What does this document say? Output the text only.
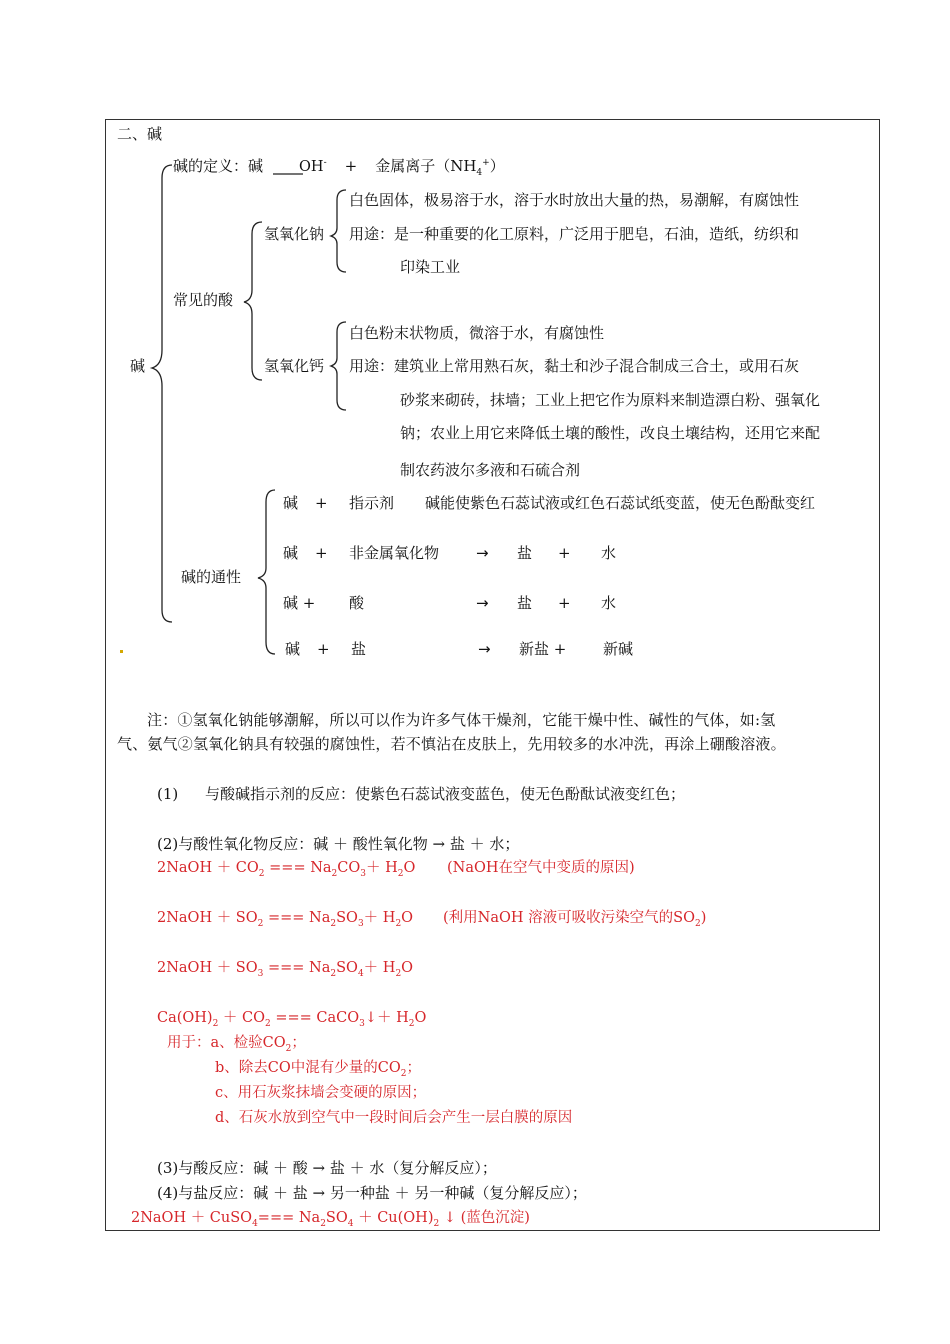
二、碱
碱的定义：碱 OH- + 金属离子$(NH_4^+)$
碱
常见的酸
氢氧化钠
白色固体，极易溶于水，溶于水时放出大量的热，易潮解，有腐蚀性
用途：是一种重要的化工原料，广泛用于肥皂，石油，造纸，纺织和
印染工业
氢氧化钙
白色粉末状物质，微溶于水，有腐蚀性
用途：建筑业上常用熟石灰，黏土和沙子混合制成三合土，或用石灰
砂浆来砌砖，抹墙；工业上把它作为原料来制造漂白粉、强氧化
钠；农业上用它来降低土壤的酸性，改良土壤结构，还用它来配
制农药波尔多液和石硫合剂
碱的通性
碱 + 指示剂 碱能使紫色石蕊试液或红色石蕊试纸变蓝，使无色酚酞变红
碱 + 非金属氧化物 → 盐 + 水
碱 + 酸	→ 盐 + 水
碱 + 盐	→ 新盐 + 新碱
注：①氢氧化钠能够潮解，所以可以作为许多气体干燥剂，它能干燥中性、碱性的气体，如:氢
气、氨气②氢氧化钠具有较强的腐蚀性，若不慎沾在皮肤上，先用较多的水冲洗，再涂上硼酸溶液。
(1) 与酸碱指示剂的反应：使紫色石蕊试液变蓝色，使无色酚酞试液变红色；
(2)与酸性氧化物反应：碱 ＋ 酸性氧化物 → 盐 ＋ 水；
2NaOH ＋ $CO_2$ === $Na_2CO_3+ H_2O$ (NaOH在空气中变质的原因)
2NaOH ＋ $SO_2$ === $Na_2SO_3+ H_2O$ (利用NaOH 溶液可吸收污染空气的$SO_2$)
2NaOH ＋ $SO_3$ === $Na_2SO_4+ H_2O$
$Ca(OH)_2 + CO_2$ === CaCO$_3$↓＋ $H_2O$
用于：a、检验$CO_2$；
b、除去CO中混有少量的$CO_2$；
c、用石灰浆抹墙会变硬的原因；
d、石灰水放到空气中一段时间后会产生一层白膜的原因
(3)与酸反应：碱 ＋ 酸 → 盐 ＋ 水（复分解反应）；
(4)与盐反应：碱 ＋ 盐 → 另一种盐 ＋ 另一种碱（复分解反应）；
2NaOH ＋ CuSO$_4$=== $Na_2SO_4 + Cu(OH)_2$ ↓ (蓝色沉淀)
